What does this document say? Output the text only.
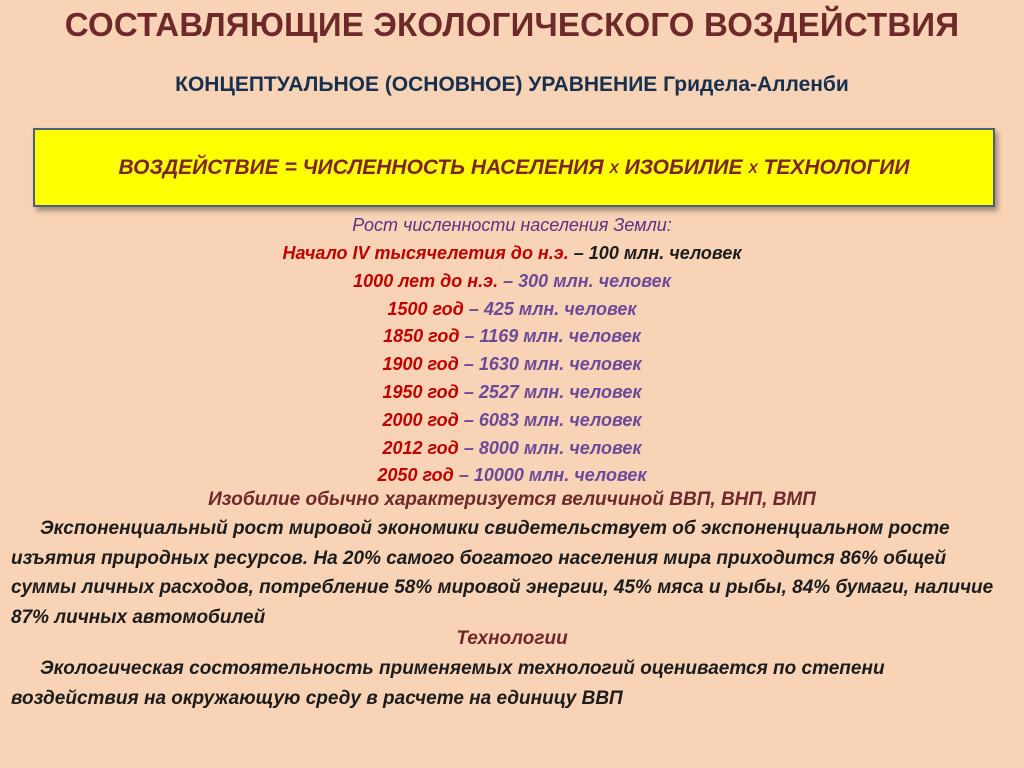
СОСТАВЛЯЮЩИЕ ЭКОЛОГИЧЕСКОГО ВОЗДЕЙСТВИЯ
КОНЦЕПТУАЛЬНОЕ (ОСНОВНОЕ) УРАВНЕНИЕ Гридела-Алленби
ВОЗДЕЙСТВИЕ = ЧИСЛЕННОСТЬ НАСЕЛЕНИЯ
Х
ИЗОБИЛИЕ
Х
ТЕХНОЛОГИИ
Рост численности населения Земли:
Начало IV тысячелетия до н.э. – 100 млн. человек
1000 лет до н.э. – 300 млн. человек
1500 год – 425 млн. человек
1850 год – 1169 млн. человек
1900 год – 1630 млн. человек
1950 год – 2527 млн. человек
2000 год – 6083 млн. человек
2012 год – 8000 млн. человек
2050 год – 10000 млн. человек
Изобилие обычно характеризуется величиной ВВП, ВНП, ВМП
Экспоненциальный рост мировой экономики свидетельствует об экспоненциальном росте изъятия природных ресурсов. На 20% самого богатого населения мира приходится 86% общей суммы личных расходов, потребление 58% мировой энергии, 45% мяса и рыбы, 84% бумаги, наличие 87% личных автомобилей
Технологии
Экологическая состоятельность применяемых технологий оценивается по степени воздействия на окружающую среду в расчете на единицу ВВП
